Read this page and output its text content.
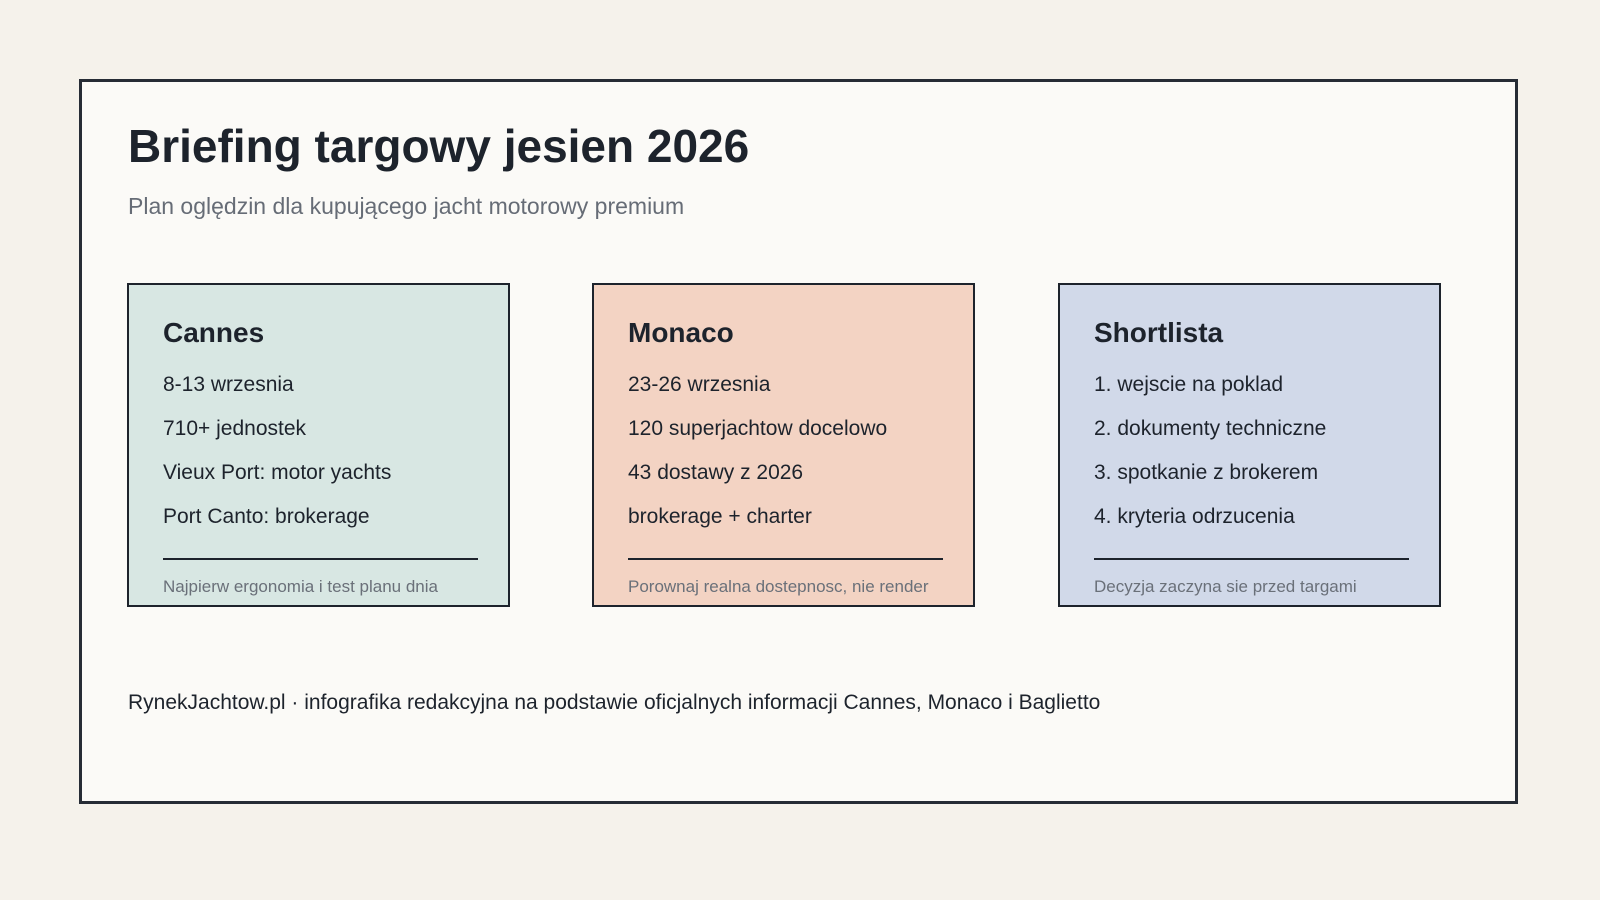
Briefing targowy jesien 2026

Plan oględzin dla kupującego jacht motorowy premium

Cannes

8-13 wrzesnia

710+ jednostek

Vieux Port: motor yachts

Port Canto: brokerage

Najpierw ergonomia i test planu dnia

Monaco

23-26 wrzesnia

120 superjachtow docelowo

43 dostawy z 2026

brokerage + charter

Porownaj realna dostepnosc, nie render

Shortlista

1. wejscie na poklad

2. dokumenty techniczne

3. spotkanie z brokerem

4. kryteria odrzucenia

Decyzja zaczyna sie przed targami

RynekJachtow.pl · infografika redakcyjna na podstawie oficjalnych informacji Cannes, Monaco i Baglietto
